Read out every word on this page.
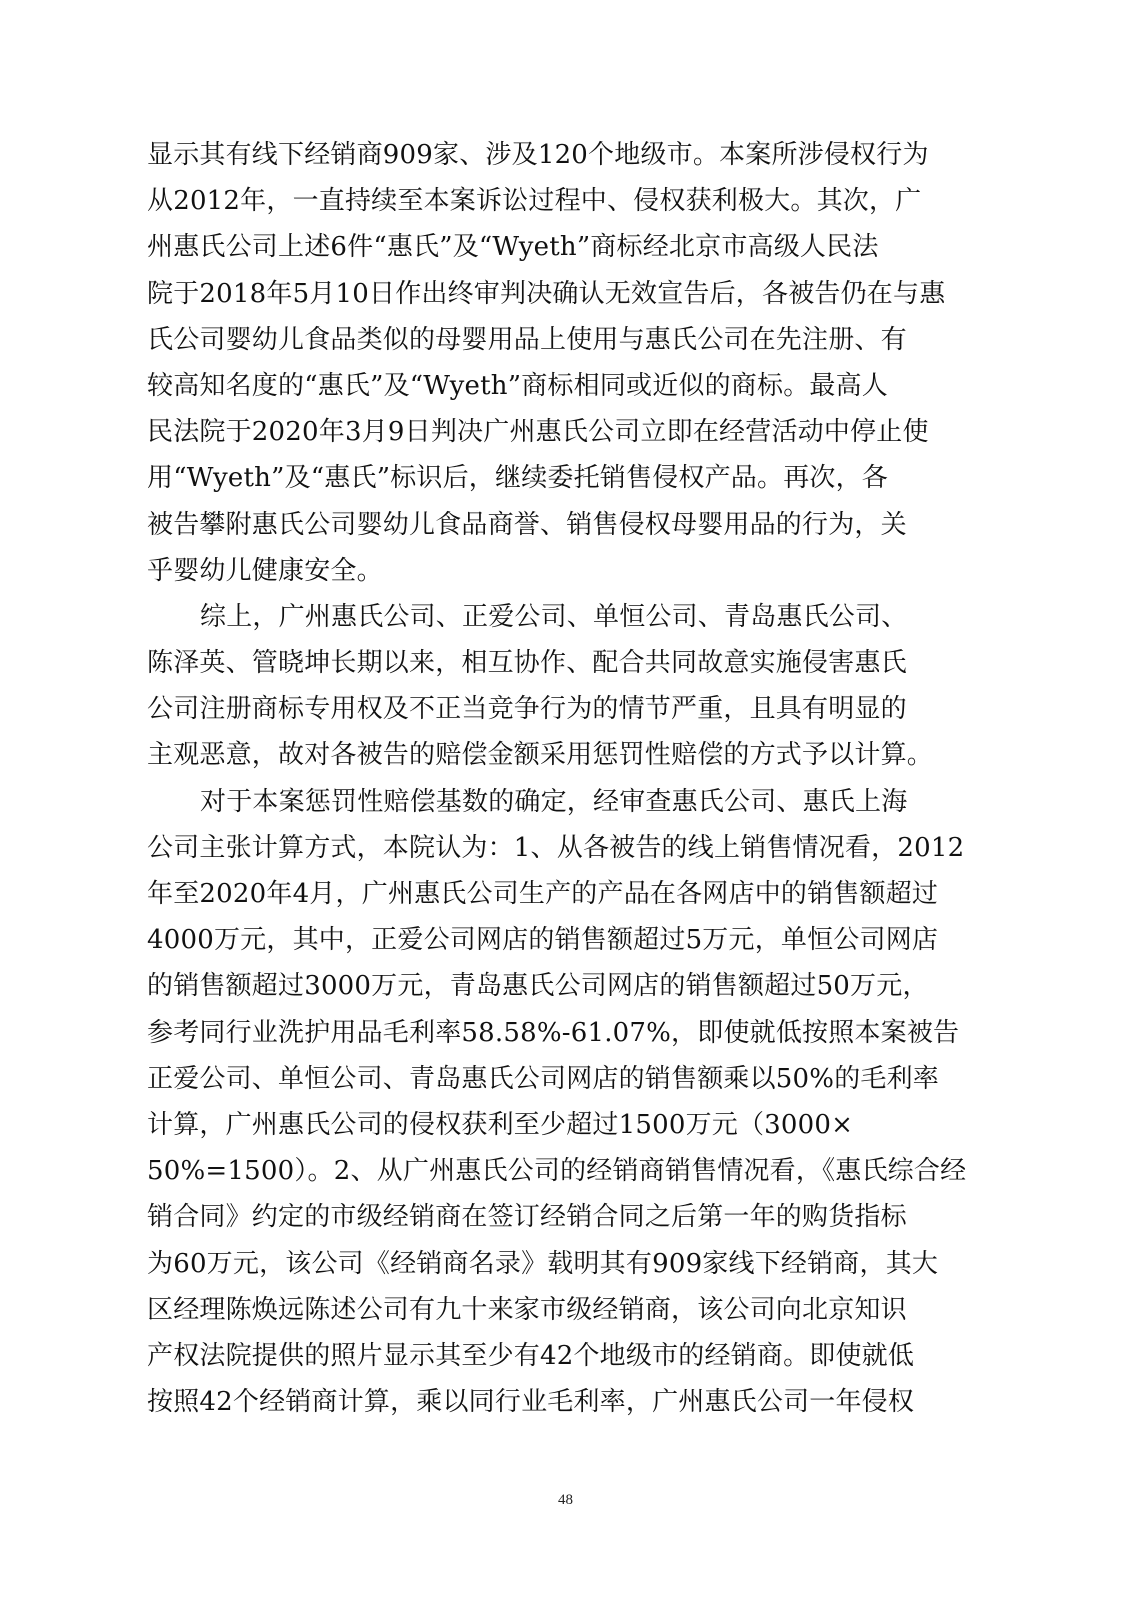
显示其有线下经销商909家、涉及120个地级市。本案所涉侵权行为
从2012年，一直持续至本案诉讼过程中、侵权获利极大。其次，广
州惠氏公司上述6件“惠氏”及“Wyeth”商标经北京市高级人民法
院于2018年5月10日作出终审判决确认无效宣告后，各被告仍在与惠
氏公司婴幼儿食品类似的母婴用品上使用与惠氏公司在先注册、有
较高知名度的“惠氏”及“Wyeth”商标相同或近似的商标。最高人
民法院于2020年3月9日判决广州惠氏公司立即在经营活动中停止使
用“Wyeth”及“惠氏”标识后，继续委托销售侵权产品。再次，各
被告攀附惠氏公司婴幼儿食品商誉、销售侵权母婴用品的行为，关
乎婴幼儿健康安全。
综上，广州惠氏公司、正爱公司、单恒公司、青岛惠氏公司、
陈泽英、管晓坤长期以来，相互协作、配合共同故意实施侵害惠氏
公司注册商标专用权及不正当竞争行为的情节严重，且具有明显的
主观恶意，故对各被告的赔偿金额采用惩罚性赔偿的方式予以计算。
对于本案惩罚性赔偿基数的确定，经审查惠氏公司、惠氏上海
公司主张计算方式，本院认为：1、从各被告的线上销售情况看，2012
年至2020年4月，广州惠氏公司生产的产品在各网店中的销售额超过
4000万元，其中，正爱公司网店的销售额超过5万元，单恒公司网店
的销售额超过3000万元，青岛惠氏公司网店的销售额超过50万元，
参考同行业洗护用品毛利率58.58%-61.07%，即使就低按照本案被告
正爱公司、单恒公司、青岛惠氏公司网店的销售额乘以50%的毛利率
计算，广州惠氏公司的侵权获利至少超过1500万元（3000×
50%=1500）。2、从广州惠氏公司的经销商销售情况看，《惠氏综合经
销合同》约定的市级经销商在签订经销合同之后第一年的购货指标
为60万元，该公司《经销商名录》载明其有909家线下经销商，其大
区经理陈焕远陈述公司有九十来家市级经销商，该公司向北京知识
产权法院提供的照片显示其至少有42个地级市的经销商。即使就低
按照42个经销商计算，乘以同行业毛利率，广州惠氏公司一年侵权
48
